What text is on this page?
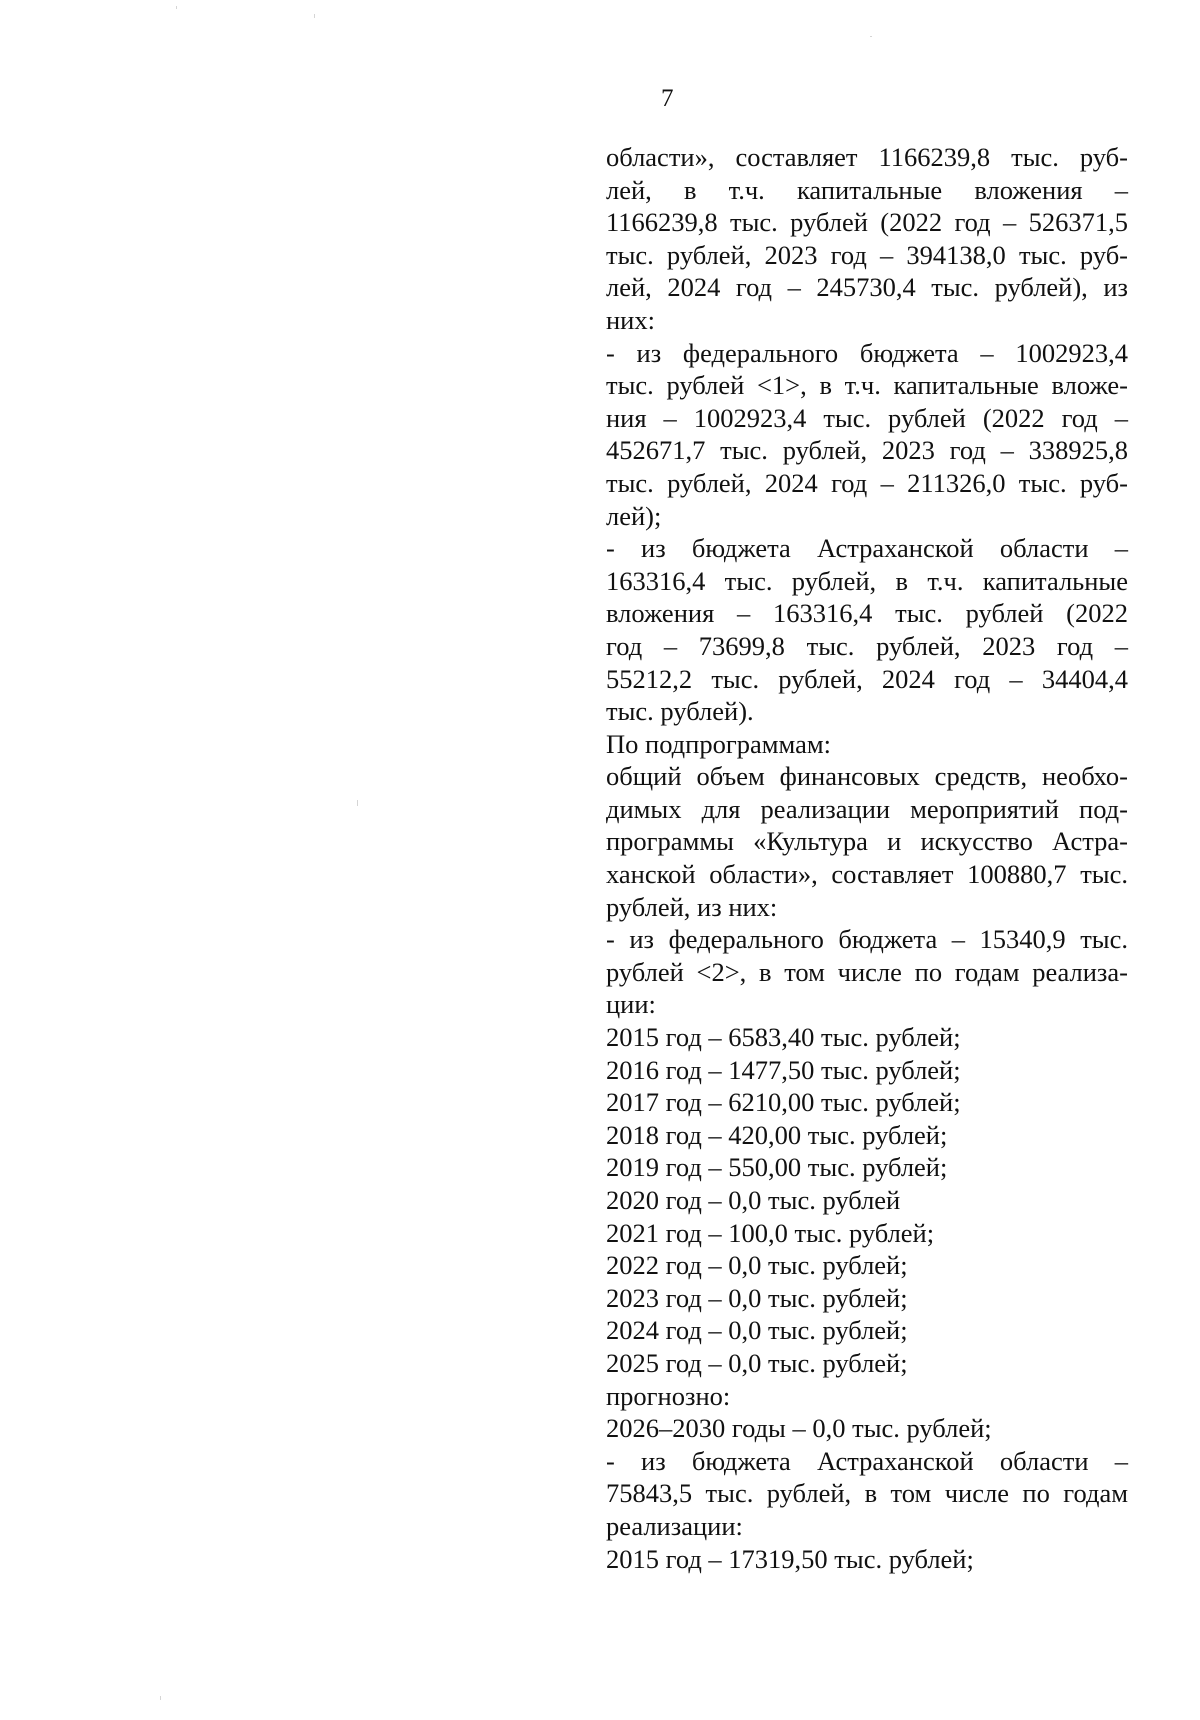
7
области», составляет 1166239,8 тыс. руб-
лей, в т.ч. капитальные вложения –
1166239,8 тыс. рублей (2022 год – 526371,5
тыс. рублей, 2023 год – 394138,0 тыс. руб-
лей, 2024 год – 245730,4 тыс. рублей), из
них:
- из федерального бюджета – 1002923,4
тыс. рублей <1>, в т.ч. капитальные вложе-
ния – 1002923,4 тыс. рублей (2022 год –
452671,7 тыс. рублей, 2023 год – 338925,8
тыс. рублей, 2024 год – 211326,0 тыс. руб-
лей);
- из бюджета Астраханской области –
163316,4 тыс. рублей, в т.ч. капитальные
вложения – 163316,4 тыс. рублей (2022
год – 73699,8 тыс. рублей, 2023 год –
55212,2 тыс. рублей, 2024 год – 34404,4
тыс. рублей).
По подпрограммам:
общий объем финансовых средств, необхо-
димых для реализации мероприятий под-
программы «Культура и искусство Астра-
ханской области», составляет 100880,7 тыс.
рублей, из них:
- из федерального бюджета – 15340,9 тыс.
рублей <2>, в том числе по годам реализа-
ции:
2015 год – 6583,40 тыс. рублей;
2016 год – 1477,50 тыс. рублей;
2017 год – 6210,00 тыс. рублей;
2018 год – 420,00 тыс. рублей;
2019 год – 550,00 тыс. рублей;
2020 год – 0,0 тыс. рублей
2021 год – 100,0 тыс. рублей;
2022 год – 0,0 тыс. рублей;
2023 год – 0,0 тыс. рублей;
2024 год – 0,0 тыс. рублей;
2025 год – 0,0 тыс. рублей;
прогнозно:
2026–2030 годы – 0,0 тыс. рублей;
- из бюджета Астраханской области –
75843,5 тыс. рублей, в том числе по годам
реализации:
2015 год – 17319,50 тыс. рублей;
